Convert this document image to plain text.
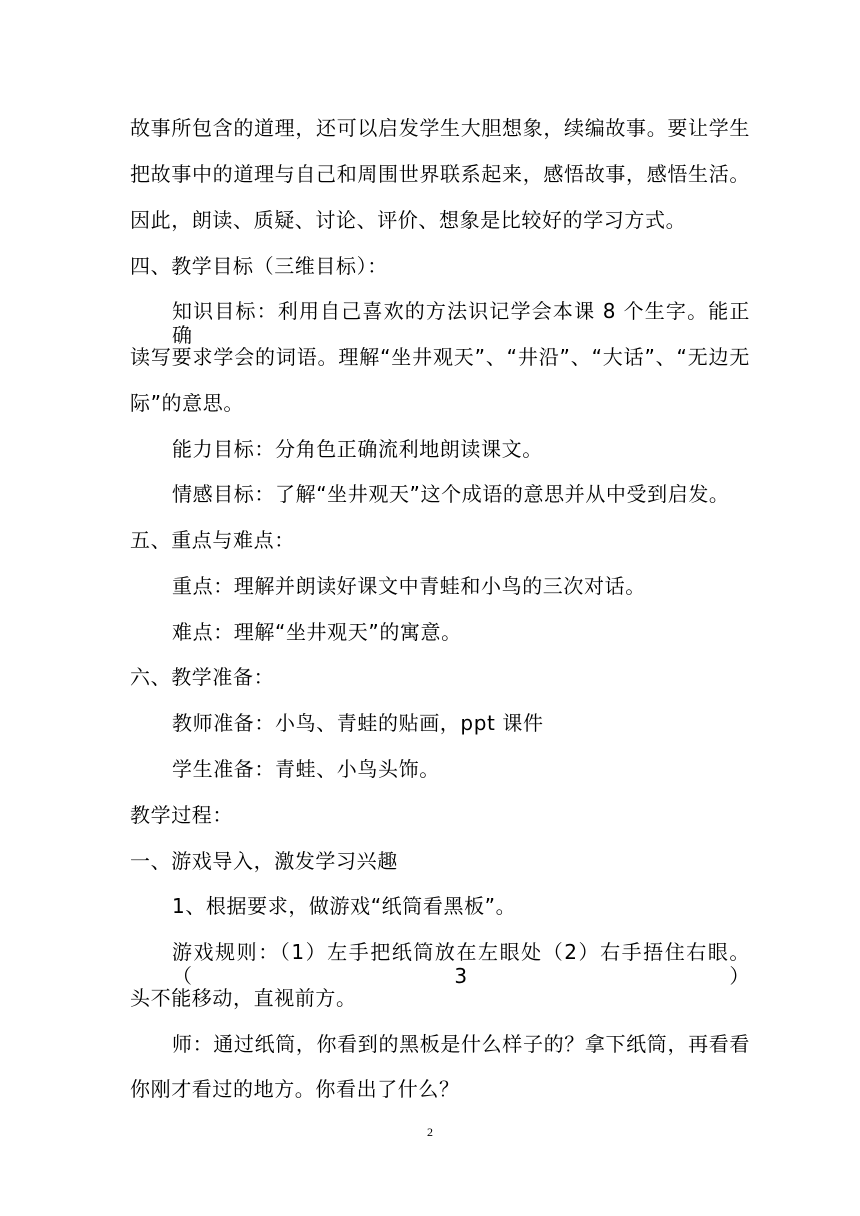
故事所包含的道理，还可以启发学生大胆想象，续编故事。要让学生
把故事中的道理与自己和周围世界联系起来，感悟故事，感悟生活。
因此，朗读、质疑、讨论、评价、想象是比较好的学习方式。
四、教学目标（三维目标）：
知识目标：利用自己喜欢的方法识记学会本课 8 个生字。能正确
读写要求学会的词语。理解“坐井观天”、“井沿”、“大话”、“无边无
际”的意思。
能力目标：分角色正确流利地朗读课文。
情感目标：了解“坐井观天”这个成语的意思并从中受到启发。
五、重点与难点：
重点：理解并朗读好课文中青蛙和小鸟的三次对话。
难点：理解“坐井观天”的寓意。
六、教学准备：
教师准备：小鸟、青蛙的贴画，ppt 课件
学生准备：青蛙、小鸟头饰。
教学过程：
一、游戏导入，激发学习兴趣
1、根据要求，做游戏“纸筒看黑板”。
游戏规则：（1）左手把纸筒放在左眼处（2）右手捂住右眼。（3）
头不能移动，直视前方。
师：通过纸筒，你看到的黑板是什么样子的？拿下纸筒，再看看
你刚才看过的地方。你看出了什么？
2
